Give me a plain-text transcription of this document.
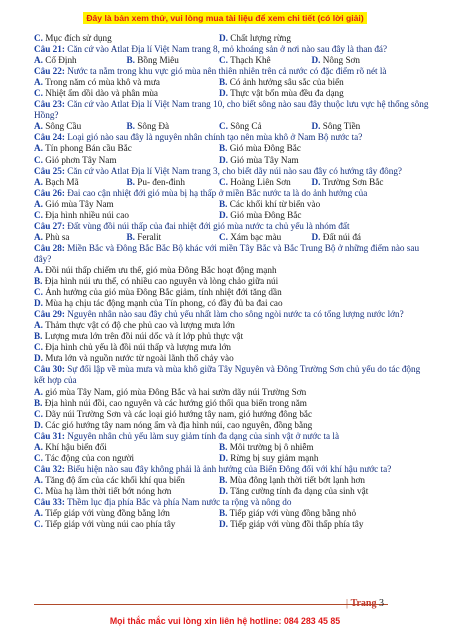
Đây là bản xem thử, vui lòng mua tài liệu để xem chi tiết (có lời giải)
C. Mục đích sử dụng	D. Chất lượng rừng
Câu 21: Căn cứ vào Atlat Địa lí Việt Nam trang 8, mỏ khoáng sản ở nơi nào sau đây là than đá?
A. Cổ Định	B. Bồng Miêu	C. Thạch Khê	D. Nông Sơn
Câu 22: Nước ta nằm trong khu vực gió mùa nên thiên nhiên trên cả nước có đặc điểm rõ nét là
A. Trong năm có mùa khô và mưa	B. Có ảnh hưởng sâu sắc của biển
C. Nhiệt ẩm dồi dào và phân mùa	D. Thực vật bốn mùa đều đa dạng
Câu 23: Căn cứ vào Atlat Địa lí Việt Nam trang 10, cho biết sông nào sau đây thuộc lưu vực hệ thống sông Hồng?
A. Sông Cầu	B. Sông Đà	C. Sông Cả	D. Sông Tiền
Câu 24: Loại gió nào sau đây là nguyên nhân chính tạo nên mùa khô ở Nam Bộ nước ta?
A. Tín phong Bán cầu Bắc	B. Gió mùa Đông Bắc
C. Gió phơn Tây Nam	D. Gió mùa Tây Nam
Câu 25: Căn cứ vào Atlat Địa lí Việt Nam trang 3, cho biết dãy núi nào sau đây có hướng tây đông?
A. Bạch Mã	B. Pu- đen-đinh	C. Hoàng Liên Sơn	D. Trường Sơn Bắc
Câu 26: Đai cao cận nhiệt đới gió mùa bị hạ thấp ở miền Bắc nước ta là do ảnh hưởng của
A. Gió mùa Tây Nam	B. Các khối khí từ biển vào
C. Địa hình nhiều núi cao	D. Gió mùa Đông Bắc
Câu 27: Đất vùng đồi núi thấp của đai nhiệt đới gió mùa nước ta chủ yếu là nhóm đất
A. Phù sa	B. Feralit	C. Xám bạc màu	D. Đất núi đá
Câu 28: Miền Bắc và Đông Bắc Bắc Bộ khác với miền Tây Bắc và Bắc Trung Bộ ở những điểm nào sau đây?
A. Đồi núi thấp chiếm ưu thế, gió mùa Đông Bắc hoạt động mạnh
B. Địa hình núi ưu thế, có nhiều cao nguyên và lòng chảo giữa núi
C. Ảnh hưởng của gió mùa Đông Bắc giảm, tính nhiệt đới tăng dần
D. Mùa hạ chịu tác động mạnh của Tín phong, có đầy đủ ba đai cao
Câu 29: Nguyên nhân nào sau đây chủ yếu nhất làm cho sông ngòi nước ta có tổng lượng nước lớn?
A. Thảm thực vật có độ che phủ cao và lượng mưa lớn
B. Lượng mưa lớn trên đồi núi dốc và ít lớp phủ thực vật
C. Địa hình chủ yếu là đồi núi thấp và lượng mưa lớn
D. Mưa lớn và nguồn nước từ ngoài lãnh thổ chảy vào
Câu 30: Sự đối lập về mùa mưa và mùa khô giữa Tây Nguyên và Đông Trường Sơn chủ yếu do tác động kết hợp của
A. gió mùa Tây Nam, gió mùa Đông Bắc và hai sườn dãy núi Trường Sơn
B. Địa hình núi đồi, cao nguyên và các hướng gió thổi qua biển trong năm
C. Dãy núi Trường Sơn và các loại gió hướng tây nam, gió hướng đông bắc
D. Các gió hướng tây nam nóng ẩm và địa hình núi, cao nguyên, đồng bằng
Câu 31: Nguyên nhân chủ yếu làm suy giảm tính đa dạng của sinh vật ở nước ta là
A. Khí hậu biến đổi	B. Môi trường bị ô nhiễm
C. Tác động của con người	D. Rừng bị suy giảm mạnh
Câu 32: Biểu hiện nào sau đây không phải là ảnh hưởng của Biển Đông đối với khí hậu nước ta?
A. Tăng độ ẩm của các khối khí qua biển	B. Mùa đông lạnh thời tiết bớt lạnh hơn
C. Mùa hạ làm thời tiết bớt nóng hơn	D. Tăng cường tính đa dạng của sinh vật
Câu 33: Thềm lục địa phía Bắc và phía Nam nước ta rộng và nông do
A. Tiếp giáp với vùng đồng bằng lớn	B. Tiếp giáp với vùng đồng bằng nhỏ
C. Tiếp giáp với vùng núi cao phía tây	D. Tiếp giáp với vùng đồi thấp phía tây
| Trang 3
Mọi thắc mắc vui lòng xin liên hệ hotline: 084 283 45 85
